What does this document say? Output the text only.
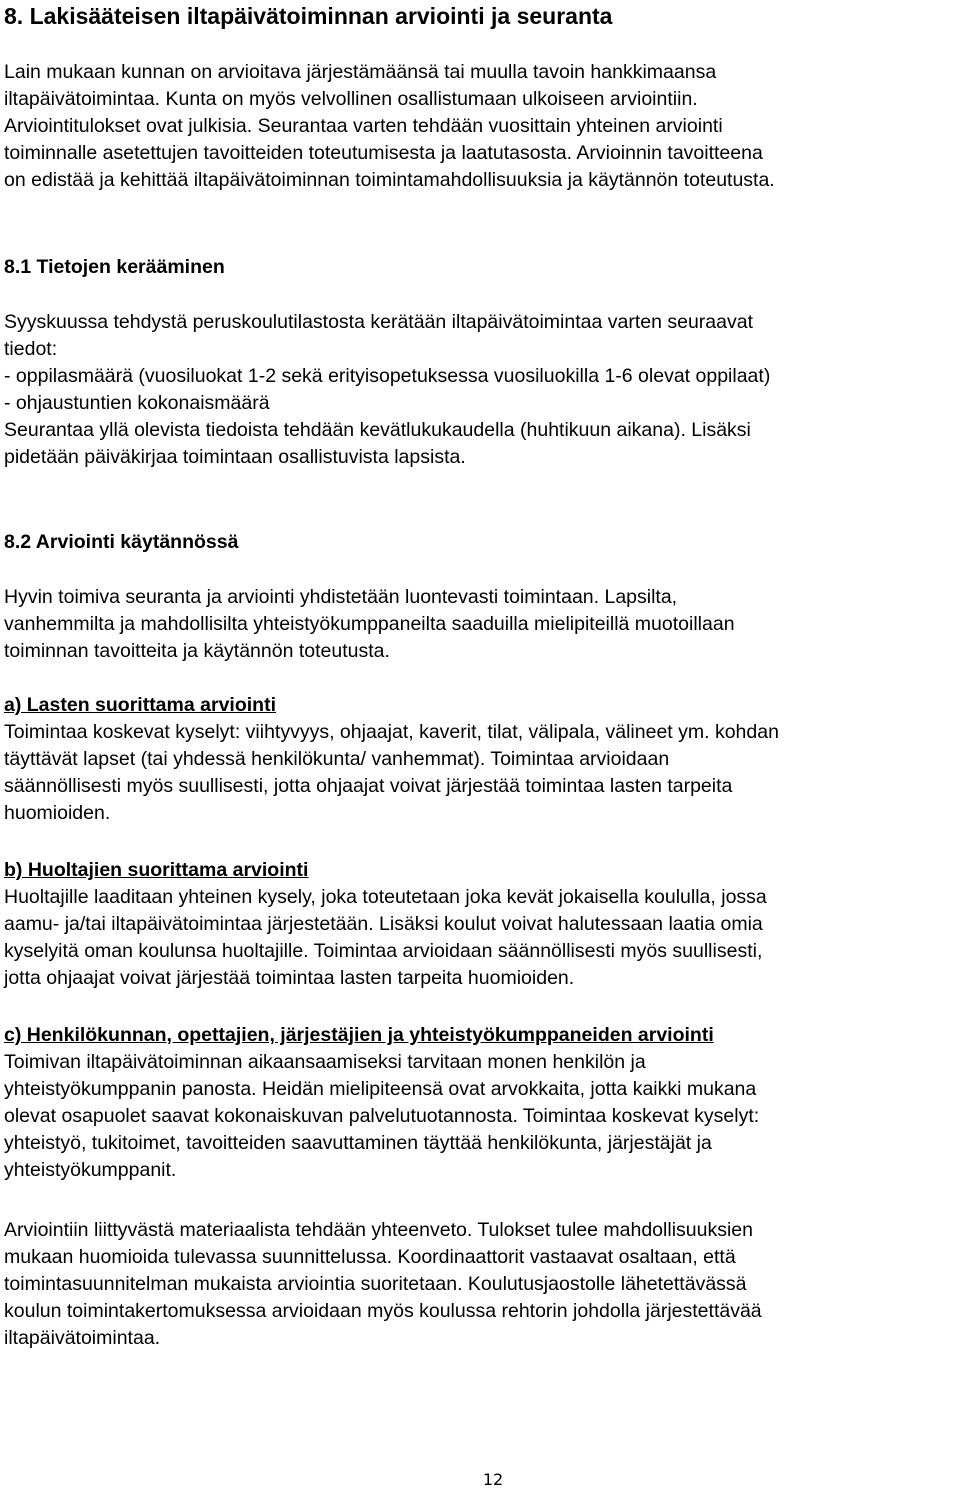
8. Lakisääteisen iltapäivätoiminnan arviointi ja seuranta
Lain mukaan kunnan on arvioitava järjestämäänsä tai muulla tavoin hankkimaansa
iltapäivätoimintaa. Kunta on myös velvollinen osallistumaan ulkoiseen arviointiin.
Arviointitulokset ovat julkisia. Seurantaa varten tehdään vuosittain yhteinen arviointi
toiminnalle asetettujen tavoitteiden toteutumisesta ja laatutasosta. Arvioinnin tavoitteena
on edistää ja kehittää iltapäivätoiminnan toimintamahdollisuuksia ja käytännön toteutusta.
8.1 Tietojen kerääminen
Syyskuussa tehdystä peruskoulutilastosta kerätään iltapäivätoimintaa varten seuraavat
tiedot:
- oppilasmäärä (vuosiluokat 1-2 sekä erityisopetuksessa vuosiluokilla 1-6 olevat oppilaat)
- ohjaustuntien kokonaismäärä
Seurantaa yllä olevista tiedoista tehdään kevätlukukaudella (huhtikuun aikana). Lisäksi
pidetään päiväkirjaa toimintaan osallistuvista lapsista.
8.2 Arviointi käytännössä
Hyvin toimiva seuranta ja arviointi yhdistetään luontevasti toimintaan. Lapsilta,
vanhemmilta ja mahdollisilta yhteistyökumppaneilta saaduilla mielipiteillä muotoillaan
toiminnan tavoitteita ja käytännön toteutusta.
a) Lasten suorittama arviointi
Toimintaa koskevat kyselyt: viihtyvyys, ohjaajat, kaverit, tilat, välipala, välineet ym. kohdan
täyttävät lapset (tai yhdessä henkilökunta/ vanhemmat). Toimintaa arvioidaan
säännöllisesti myös suullisesti, jotta ohjaajat voivat järjestää toimintaa lasten tarpeita
huomioiden.
b) Huoltajien suorittama arviointi
Huoltajille laaditaan yhteinen kysely, joka toteutetaan joka kevät jokaisella koululla, jossa
aamu- ja/tai iltapäivätoimintaa järjestetään. Lisäksi koulut voivat halutessaan laatia omia
kyselyitä oman koulunsa huoltajille. Toimintaa arvioidaan säännöllisesti myös suullisesti,
jotta ohjaajat voivat järjestää toimintaa lasten tarpeita huomioiden.
c) Henkilökunnan, opettajien, järjestäjien ja yhteistyökumppaneiden arviointi
Toimivan iltapäivätoiminnan aikaansaamiseksi tarvitaan monen henkilön ja
yhteistyökumppanin panosta. Heidän mielipiteensä ovat arvokkaita, jotta kaikki mukana
olevat osapuolet saavat kokonaiskuvan palvelutuotannosta. Toimintaa koskevat kyselyt:
yhteistyö, tukitoimet, tavoitteiden saavuttaminen täyttää henkilökunta, järjestäjät ja
yhteistyökumppanit.
Arviointiin liittyvästä materiaalista tehdään yhteenveto. Tulokset tulee mahdollisuuksien
mukaan huomioida tulevassa suunnittelussa. Koordinaattorit vastaavat osaltaan, että
toimintasuunnitelman mukaista arviointia suoritetaan. Koulutusjaostolle lähetettävässä
koulun toimintakertomuksessa arvioidaan myös koulussa rehtorin johdolla järjestettävää
iltapäivätoimintaa.
12
